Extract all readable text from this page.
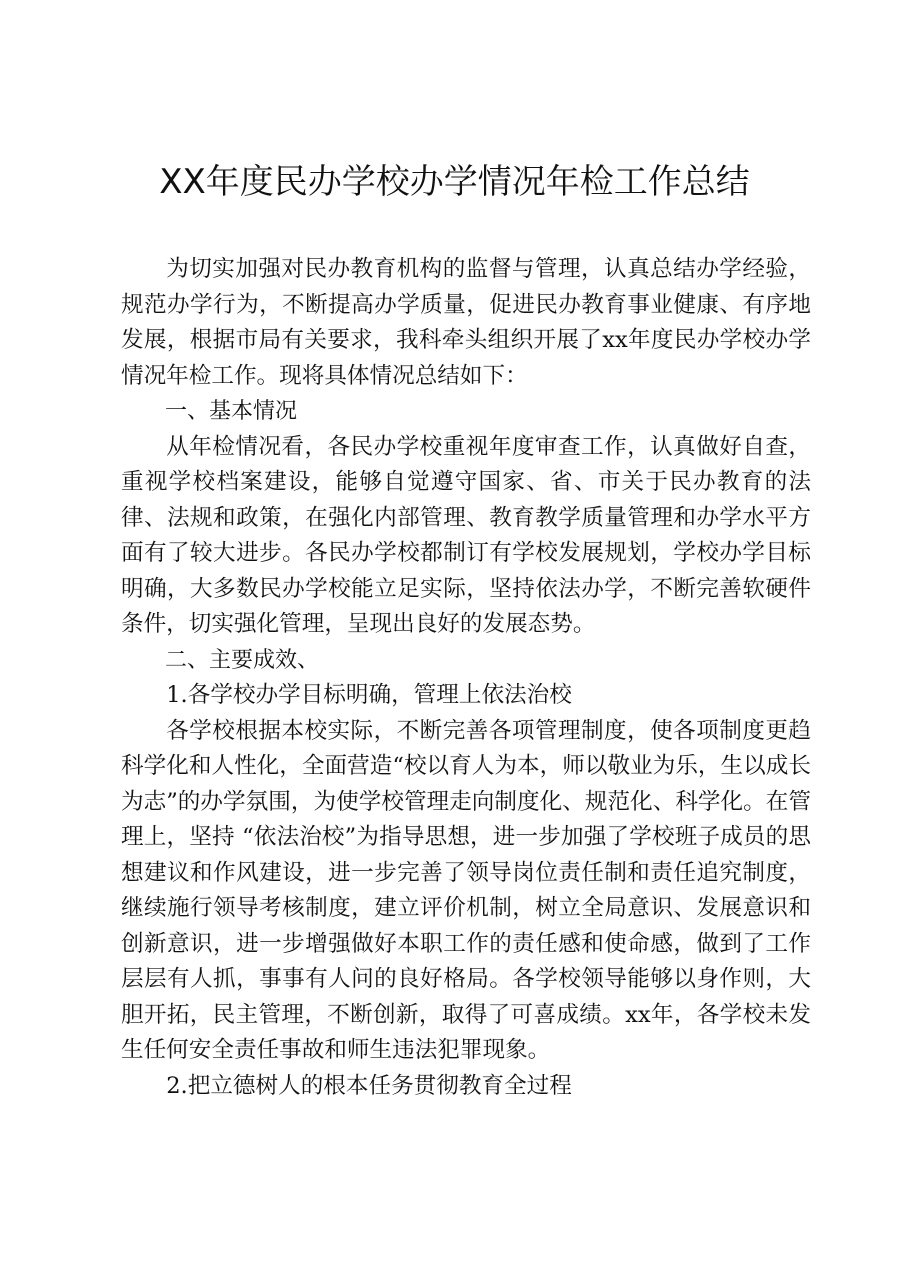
XX年度民办学校办学情况年检工作总结

为切实加强对民办教育机构的监督与管理，认真总结办学经验，规范办学行为，不断提高办学质量，促进民办教育事业健康、有序地发展，根据市局有关要求，我科牵头组织开展了xx年度民办学校办学情况年检工作。现将具体情况总结如下：

一、基本情况

从年检情况看，各民办学校重视年度审查工作，认真做好自查，重视学校档案建设，能够自觉遵守国家、省、市关于民办教育的法律、法规和政策，在强化内部管理、教育教学质量管理和办学水平方面有了较大进步。各民办学校都制订有学校发展规划，学校办学目标明确，大多数民办学校能立足实际，坚持依法办学，不断完善软硬件条件，切实强化管理，呈现出良好的发展态势。

二、主要成效、

1.各学校办学目标明确，管理上依法治校

各学校根据本校实际，不断完善各项管理制度，使各项制度更趋科学化和人性化，全面营造“校以育人为本，师以敬业为乐，生以成长为志”的办学氛围，为使学校管理走向制度化、规范化、科学化。在管理上，坚持 “依法治校”为指导思想，进一步加强了学校班子成员的思想建议和作风建设，进一步完善了领导岗位责任制和责任追究制度，继续施行领导考核制度，建立评价机制，树立全局意识、发展意识和创新意识，进一步增强做好本职工作的责任感和使命感，做到了工作层层有人抓，事事有人问的良好格局。各学校领导能够以身作则，大胆开拓，民主管理，不断创新，取得了可喜成绩。xx年，各学校未发生任何安全责任事故和师生违法犯罪现象。

2.把立德树人的根本任务贯彻教育全过程
